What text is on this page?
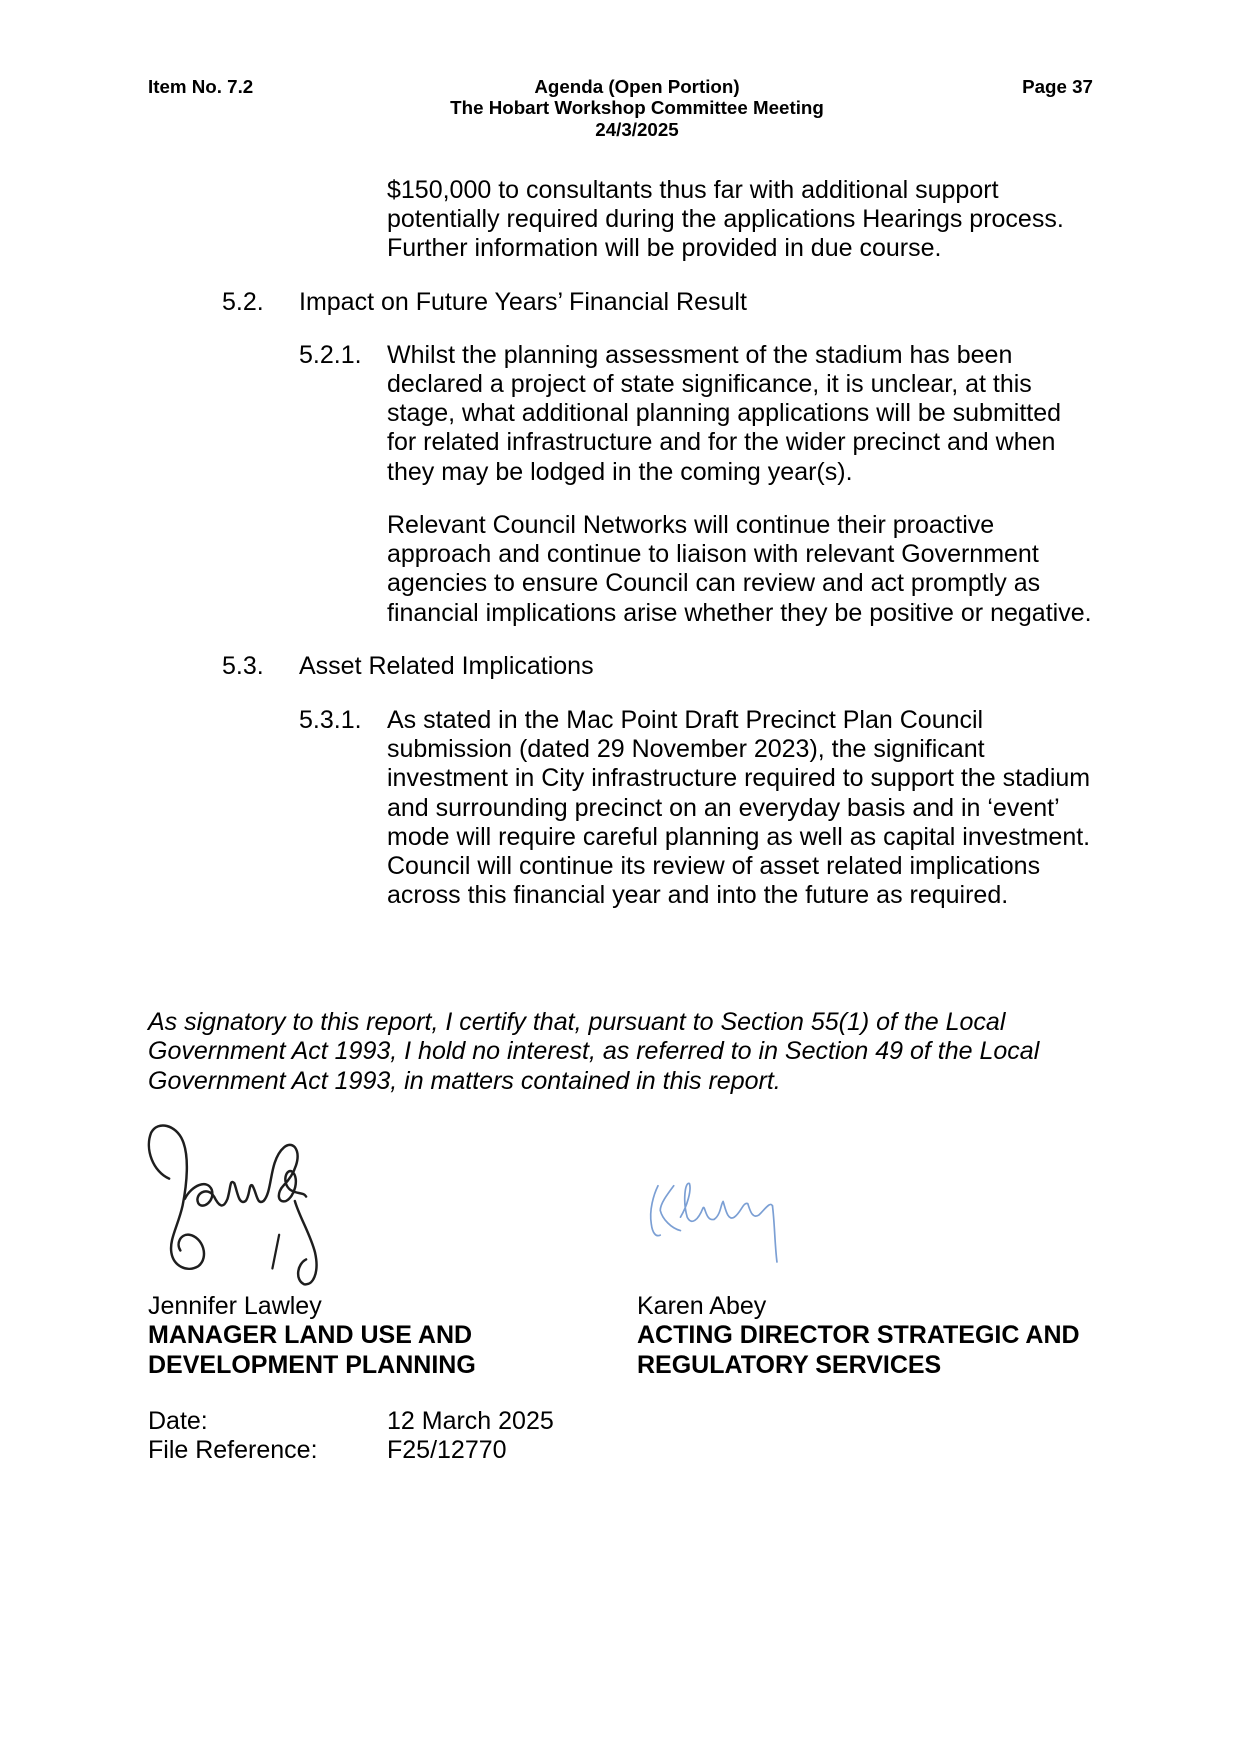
Item No. 7.2	Agenda (Open Portion)
The Hobart Workshop Committee Meeting
24/3/2025
Page 37
$150,000 to consultants thus far with additional support
potentially required during the applications Hearings process.
Further information will be provided in due course.
5.2. Impact on Future Years’ Financial Result
5.2.1. Whilst the planning assessment of the stadium has been
declared a project of state significance, it is unclear, at this
stage, what additional planning applications will be submitted
for related infrastructure and for the wider precinct and when
they may be lodged in the coming year(s).
Relevant Council Networks will continue their proactive
approach and continue to liaison with relevant Government
agencies to ensure Council can review and act promptly as
financial implications arise whether they be positive or negative.
5.3. Asset Related Implications
5.3.1. As stated in the Mac Point Draft Precinct Plan Council
submission (dated 29 November 2023), the significant
investment in City infrastructure required to support the stadium
and surrounding precinct on an everyday basis and in ‘event’
mode will require careful planning as well as capital investment.
Council will continue its review of asset related implications
across this financial year and into the future as required.
As signatory to this report, I certify that, pursuant to Section 55(1) of the Local
Government Act 1993, I hold no interest, as referred to in Section 49 of the Local
Government Act 1993, in matters contained in this report.
Jennifer Lawley
MANAGER LAND USE AND
DEVELOPMENT PLANNING
Karen Abey
ACTING DIRECTOR STRATEGIC AND
REGULATORY SERVICES
Date:
File Reference:
12 March 2025
F25/12770
